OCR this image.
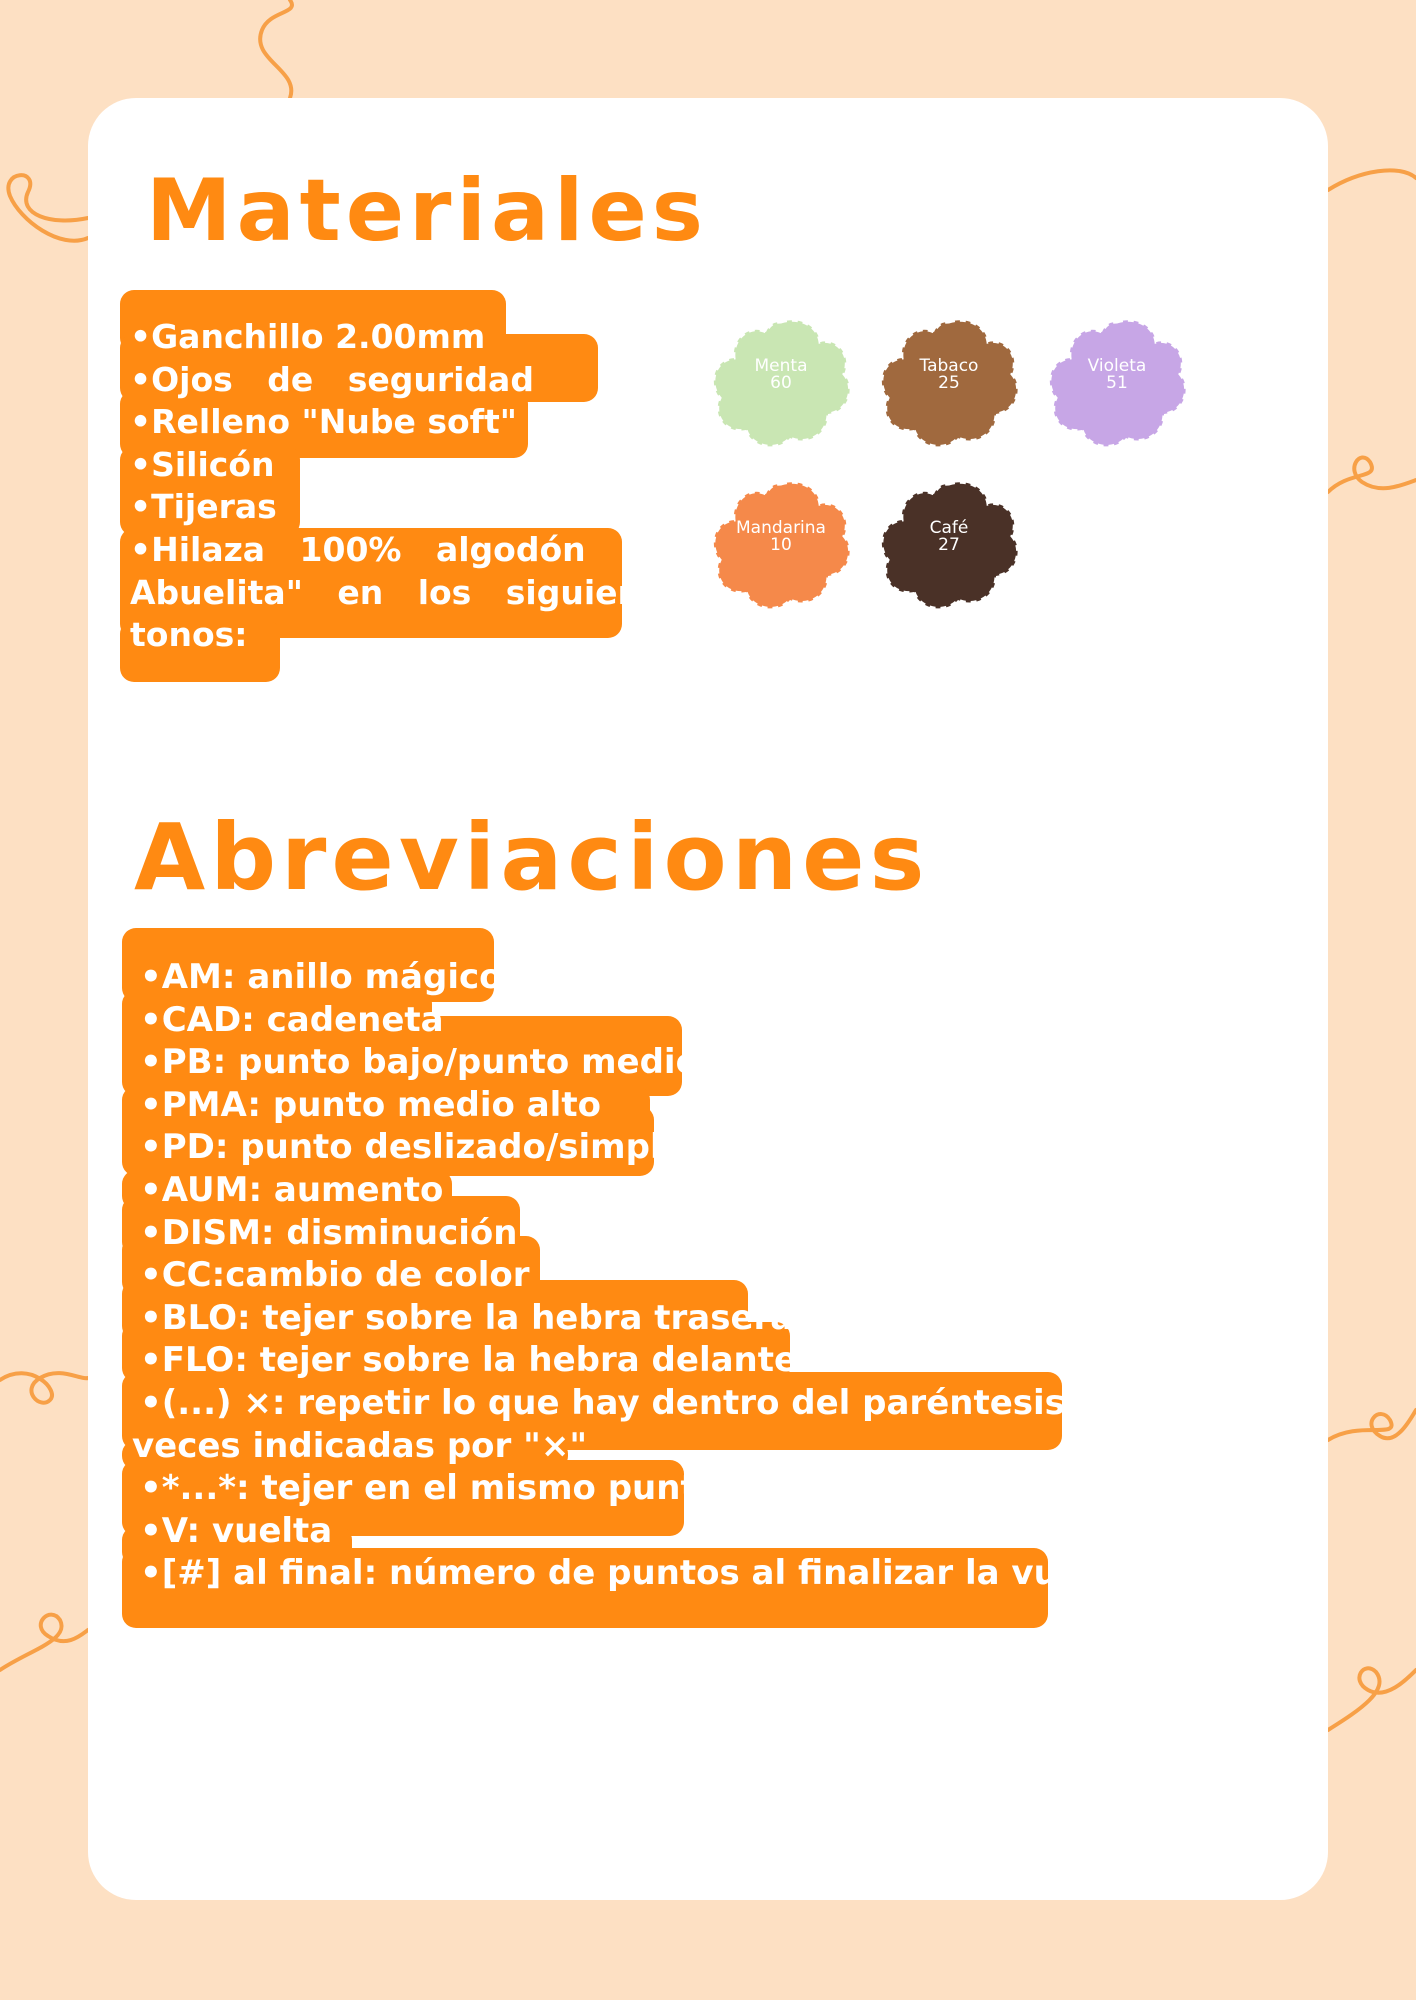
Materiales
•Ganchillo 2.00mm
•Ojos   de   seguridad
•Relleno "Nube soft"
•Silicón
•Tijeras
•Hilaza   100%   algodón
Abuelita"   en   los   siguien
tonos:
Menta
60
Tabaco
25
Violeta
51
Mandarina
10
Café
27
Abreviaciones
•AM: anillo mágico
•CAD: cadeneta
•PB: punto bajo/punto medio
•PMA: punto medio alto
•PD: punto deslizado/simple
•AUM: aumento
•DISM: disminución
•CC:cambio de color
•BLO: tejer sobre la hebra trasera
•FLO: tejer sobre la hebra delantera
•(...) ×: repetir lo que hay dentro del paréntesis las
veces indicadas por "×"
•*...*: tejer en el mismo punto
•V: vuelta
•[#] al final: número de puntos al finalizar la vuelta
